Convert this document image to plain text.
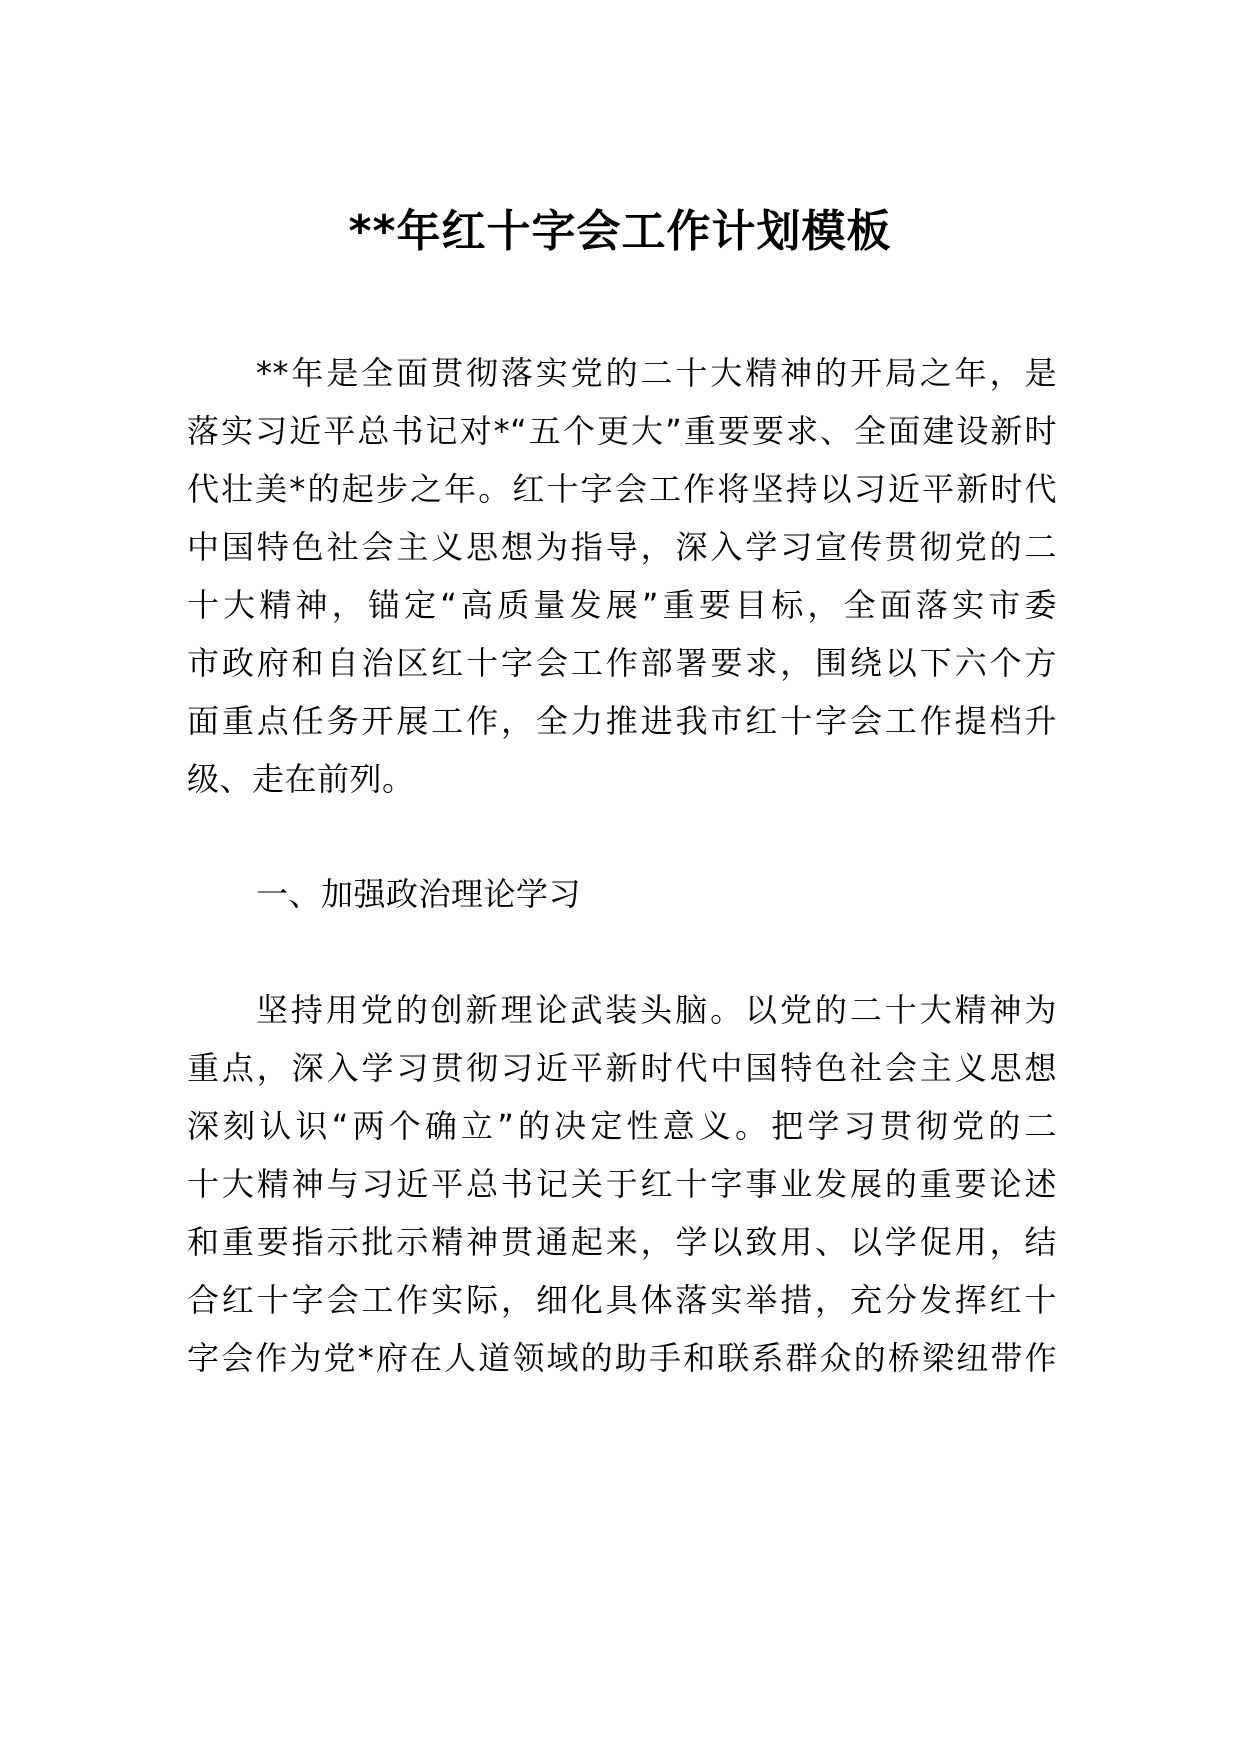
**年红十字会工作计划模板
**年是全面贯彻落实党的二十大精神的开局之年，是
落实习近平总书记对*“五个更大”重要要求、全面建设新时
代壮美*的起步之年。红十字会工作将坚持以习近平新时代
中国特色社会主义思想为指导，深入学习宣传贯彻党的二
十大精神，锚定“高质量发展”重要目标，全面落实市委
市政府和自治区红十字会工作部署要求，围绕以下六个方
面重点任务开展工作，全力推进我市红十字会工作提档升
级、走在前列。
一、加强政治理论学习
坚持用党的创新理论武装头脑。以党的二十大精神为
重点，深入学习贯彻习近平新时代中国特色社会主义思想
深刻认识“两个确立”的决定性意义。把学习贯彻党的二
十大精神与习近平总书记关于红十字事业发展的重要论述
和重要指示批示精神贯通起来，学以致用、以学促用，结
合红十字会工作实际，细化具体落实举措，充分发挥红十
字会作为党*府在人道领域的助手和联系群众的桥梁纽带作
